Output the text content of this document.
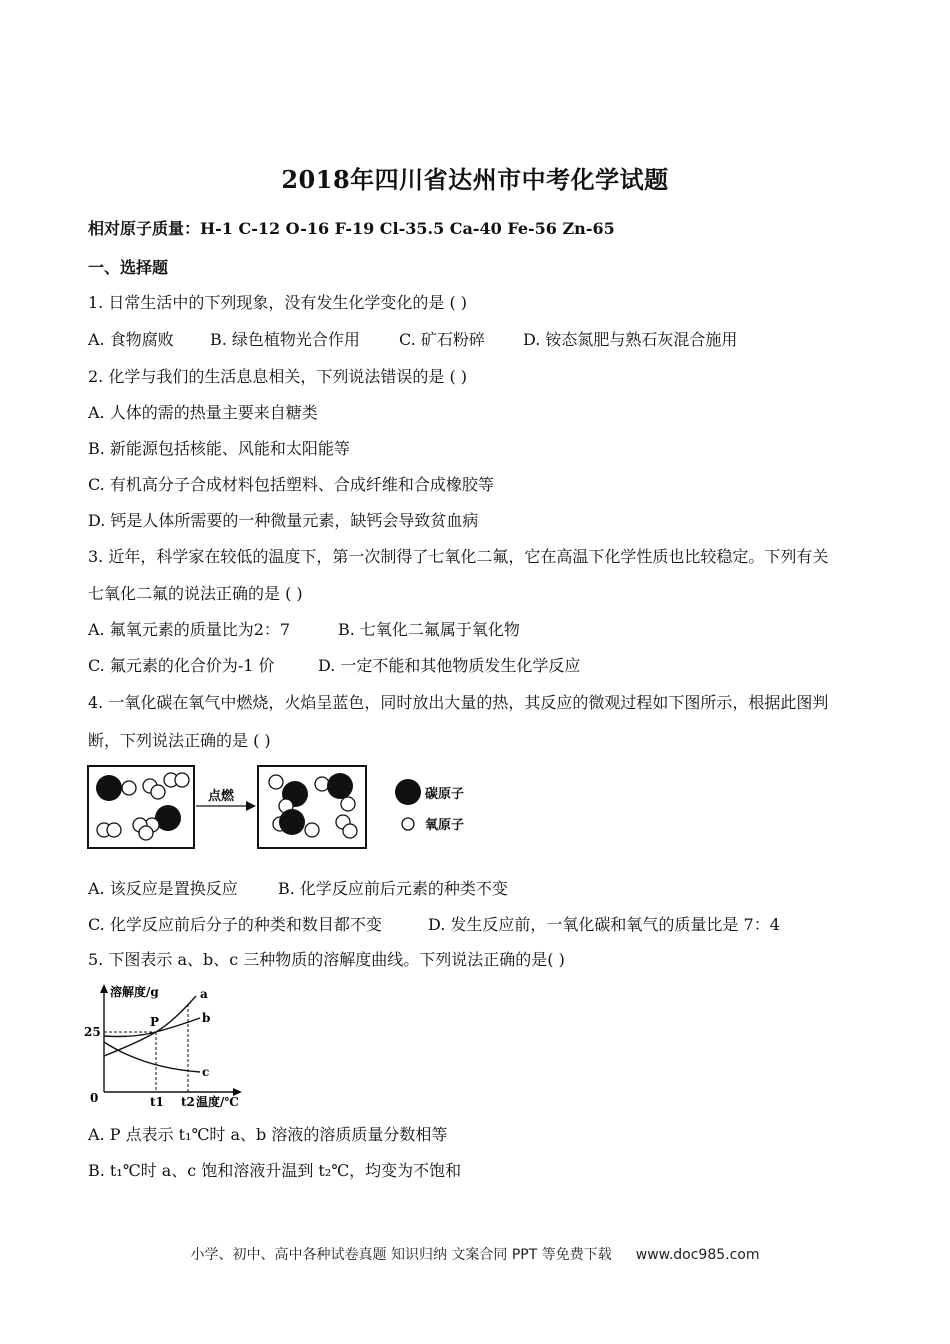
2018年四川省达州市中考化学试题
相对原子质量：H-1 C-12 O-16 F-19 Cl-35.5 Ca-40 Fe-56 Zn-65
一、选择题
1. 日常生活中的下列现象，没有发生化学变化的是 ( )
A. 食物腐败 B. 绿色植物光合作用 C. 矿石粉碎 D. 铵态氮肥与熟石灰混合施用
2. 化学与我们的生活息息相关，下列说法错误的是 ( )
A. 人体的需的热量主要来自糖类
B. 新能源包括核能、风能和太阳能等
C. 有机高分子合成材料包括塑料、合成纤维和合成橡胶等
D. 钙是人体所需要的一种微量元素，缺钙会导致贫血病
3. 近年，科学家在较低的温度下，第一次制得了七氧化二氟，它在高温下化学性质也比较稳定。下列有关
七氧化二氟的说法正确的是 ( )
A. 氟氧元素的质量比为2：7	B. 七氧化二氟属于氧化物
C. 氟元素的化合价为-1 价	D. 一定不能和其他物质发生化学反应
4. 一氧化碳在氧气中燃烧，火焰呈蓝色，同时放出大量的热，其反应的微观过程如下图所示，根据此图判
断，下列说法正确的是 ( )
点燃	碳原子
氧原子
A. 该反应是置换反应	B. 化学反应前后元素的种类不变
C. 化学反应前后分子的种类和数目都不变	D. 发生反应前，一氧化碳和氧气的质量比是 7：4
5. 下图表示 a、b、c 三种物质的溶解度曲线。下列说法正确的是( )
溶解度/g
25
0
a
b
c
P
t1 t2 温度/℃
A. P 点表示 t₁℃时 a、b 溶液的溶质质量分数相等
B. t₁℃时 a、c 饱和溶液升温到 t₂℃，均变为不饱和
小学、初中、高中各种试卷真题 知识归纳 文案合同 PPT 等免费下载 www.doc985.com
